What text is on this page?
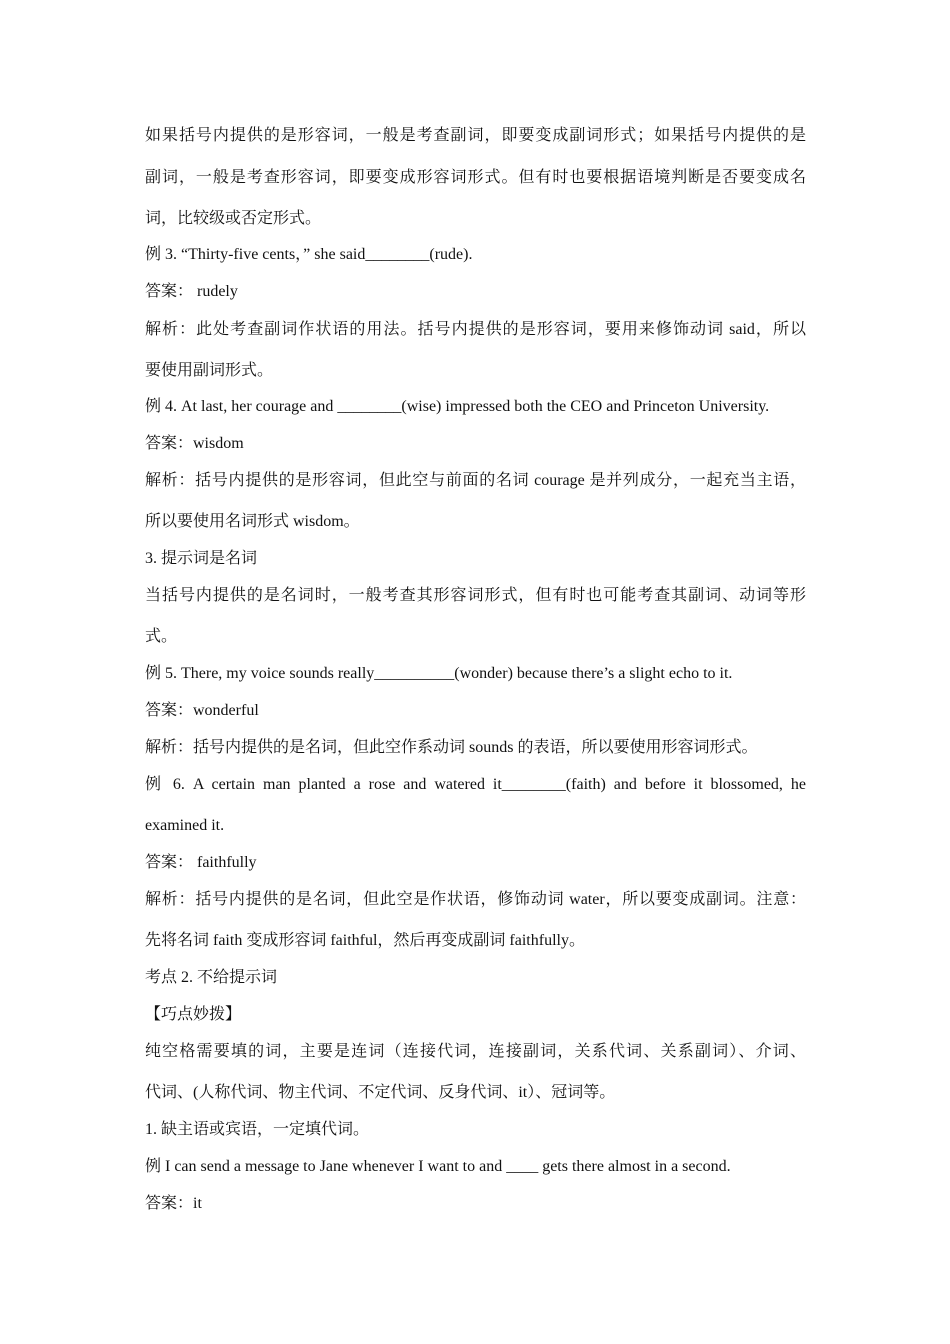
如果括号内提供的是形容词，一般是考查副词，即要变成副词形式；如果括号内提供的是
副词，一般是考查形容词，即要变成形容词形式。但有时也要根据语境判断是否要变成名
词，比较级或否定形式。
例 3. “Thirty-five cents，” she said________(rude).
答案： rudely
解析：此处考查副词作状语的用法。括号内提供的是形容词，要用来修饰动词 said，所以
要使用副词形式。
例 4. At last, her courage and ________(wise) impressed both the CEO and Princeton University.
答案：wisdom
解析：括号内提供的是形容词，但此空与前面的名词 courage 是并列成分，一起充当主语，
所以要使用名词形式 wisdom。
3. 提示词是名词
当括号内提供的是名词时，一般考查其形容词形式，但有时也可能考查其副词、动词等形
式。
例 5. There, my voice sounds really__________(wonder) because there’s a slight echo to it.
答案：wonderful
解析：括号内提供的是名词，但此空作系动词 sounds 的表语，所以要使用形容词形式。
例 6. A certain man planted a rose and watered it________(faith) and before it blossomed, he
examined it.
答案： faithfully
解析：括号内提供的是名词，但此空是作状语，修饰动词 water，所以要变成副词。注意：
先将名词 faith 变成形容词 faithful，然后再变成副词 faithfully。
考点 2. 不给提示词
【巧点妙拨】
纯空格需要填的词，主要是连词（连接代词，连接副词，关系代词、关系副词）、介词、
代词、(人称代词、物主代词、不定代词、反身代词、it）、冠词等。
1. 缺主语或宾语，一定填代词。
例 I can send a message to Jane whenever I want to and ____ gets there almost in a second.
答案：it
